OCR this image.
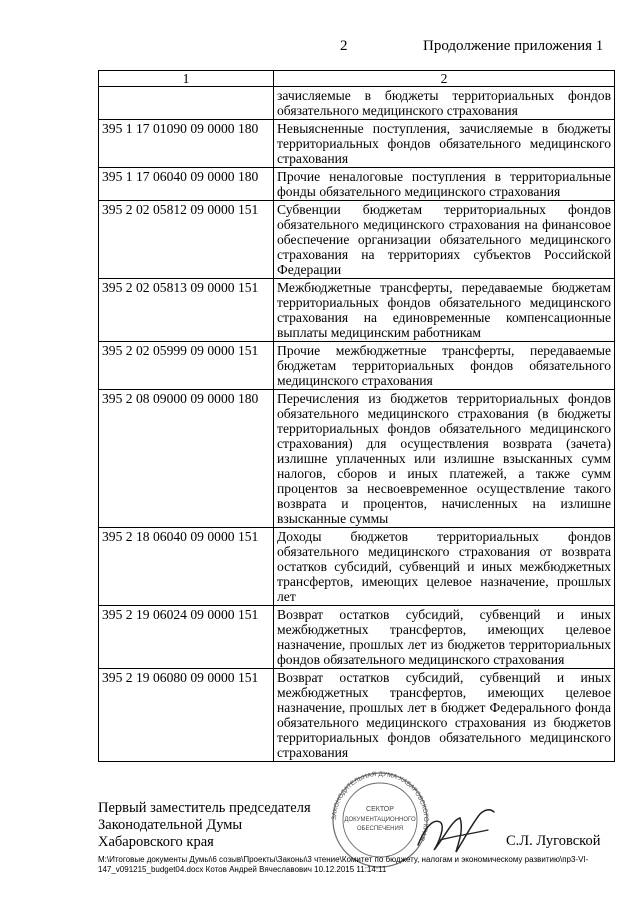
2	Продолжение приложения 1
1	2
	зачисляемые в бюджеты территориальных фондов обязательного медицинского страхования
395 1 17 01090 09 0000 180	Невыясненные поступления, зачисляемые в бюджеты территориальных фондов обязательного медицинского страхования
395 1 17 06040 09 0000 180	Прочие неналоговые поступления в территориальные фонды обязательного медицинского страхования
395 2 02 05812 09 0000 151	Субвенции бюджетам территориальных фондов обязательного медицинского страхования на финансовое обеспечение организации обязательного медицинского страхования на территориях субъектов Российской Федерации
395 2 02 05813 09 0000 151	Межбюджетные трансферты, передаваемые бюджетам территориальных фондов обязательного медицинского страхования на единовременные компенсационные выплаты медицинским работникам
395 2 02 05999 09 0000 151	Прочие межбюджетные трансферты, передаваемые бюджетам территориальных фондов обязательного медицинского страхования
395 2 08 09000 09 0000 180	Перечисления из бюджетов территориальных фондов обязательного медицинского страхования (в бюджеты территориальных фондов обязательного медицинского страхования) для осуществления возврата (зачета) излишне уплаченных или излишне взысканных сумм налогов, сборов и иных платежей, а также сумм процентов за несвоевременное осуществление такого возврата и процентов, начисленных на излишне взысканные суммы
395 2 18 06040 09 0000 151	Доходы бюджетов территориальных фондов обязательного медицинского страхования от возврата остатков субсидий, субвенций и иных межбюджетных трансфертов, имеющих целевое назначение, прошлых лет
395 2 19 06024 09 0000 151	Возврат остатков субсидий, субвенций и иных межбюджетных трансфертов, имеющих целевое назначение, прошлых лет из бюджетов территориальных фондов обязательного медицинского страхования
395 2 19 06080 09 0000 151	Возврат остатков субсидий, субвенций и иных межбюджетных трансфертов, имеющих целевое назначение, прошлых лет в бюджет Федерального фонда обязательного медицинского страхования из бюджетов территориальных фондов обязательного медицинского страхования
ЗАКОНОДАТЕЛЬНАЯ ДУМА ХАБАРОВСКОГО КРАЯ
СЕКТОР
ДОКУМЕНТАЦИОННОГО
ОБЕСПЕЧЕНИЯ
Первый заместитель председателя
Законодательной Думы
Хабаровского края	С.Л. Луговской
M:\Итоговые документы Думы\6 созыв\Проекты\Законы\3 чтение\Комитет по бюджету, налогам и экономическому развитию\пр3-VI-
147_v091215_budget04.docx Котов Андрей Вячеславович 10.12.2015 11:14:11
